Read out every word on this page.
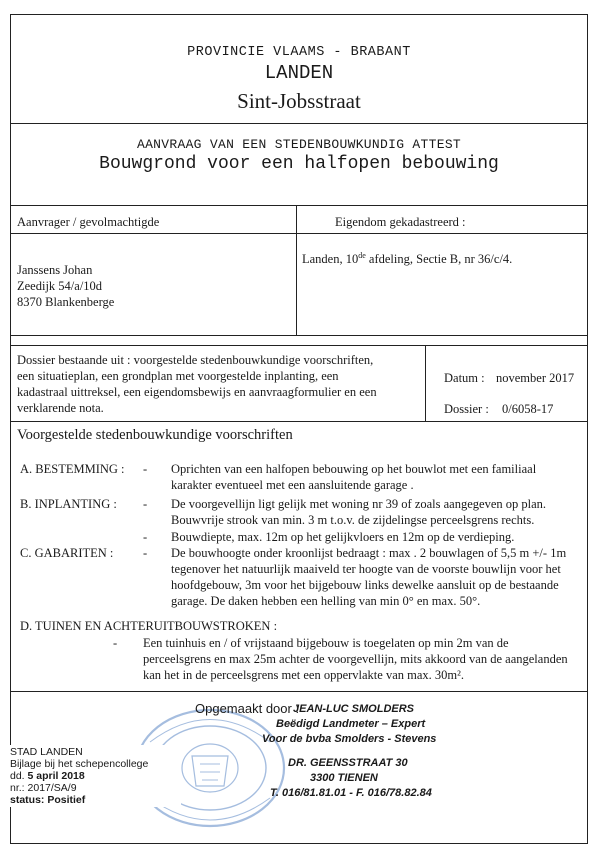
PROVINCIE VLAAMS - BRABANT
LANDEN
Sint-Jobsstraat
AANVRAAG VAN EEN STEDENBOUWKUNDIG ATTEST
Bouwgrond voor een halfopen bebouwing
Aanvrager / gevolmachtigde
Janssens Johan
Zeedijk 54/a/10d
8370 Blankenberge
Eigendom gekadastreerd :
Landen, 10de afdeling, Sectie B, nr 36/c/4.
Dossier bestaande uit : voorgestelde stedenbouwkundige voorschriften,
een situatieplan, een grondplan met voorgestelde inplanting, een
kadastraal uittreksel, een eigendomsbewijs en aanvraagformulier en een
verklarende nota.
Datum : november 2017
Dossier : 0/6058-17
Voorgestelde stedenbouwkundige voorschriften
A. BESTEMMING : - Oprichten van een halfopen bebouwing op het bouwlot met een familiaal
karakter eventueel met een aansluitende garage .
B. INPLANTING : - De voorgevellijn ligt gelijk met woning nr 39 of zoals aangegeven op plan.
Bouwvrije strook van min. 3 m t.o.v. de zijdelingse perceelsgrens rechts.
- Bouwdiepte, max. 12m op het gelijkvloers en 12m op de verdieping.
C. GABARITEN : - De bouwhoogte onder kroonlijst bedraagt : max . 2 bouwlagen of 5,5 m +/- 1m
tegenover het natuurlijk maaiveld ter hoogte van de voorste bouwlijn voor het
hoofdgebouw, 3m voor het bijgebouw links dewelke aansluit op de bestaande
garage. De daken hebben een helling van min 0° en max. 50°.
D. TUINEN EN ACHTERUITBOUWSTROKEN :
- Een tuinhuis en / of vrijstaand bijgebouw is toegelaten op min 2m van de
perceelsgrens en max 25m achter de voorgevellijn, mits akkoord van de aangelanden
kan het in de perceelsgrens met een oppervlakte van max. 30m².
Opgemaakt door :
JEAN-LUC SMOLDERS
Beëdigd Landmeter – Expert
Voor de bvba Smolders - Stevens
DR. GEENSSTRAAT 30
3300 TIENEN
T. 016/81.81.01 - F. 016/78.82.84
STAD LANDEN
Bijlage bij het schepencollege
dd. 5 april 2018
nr.: 2017/SA/9
status: Positief
